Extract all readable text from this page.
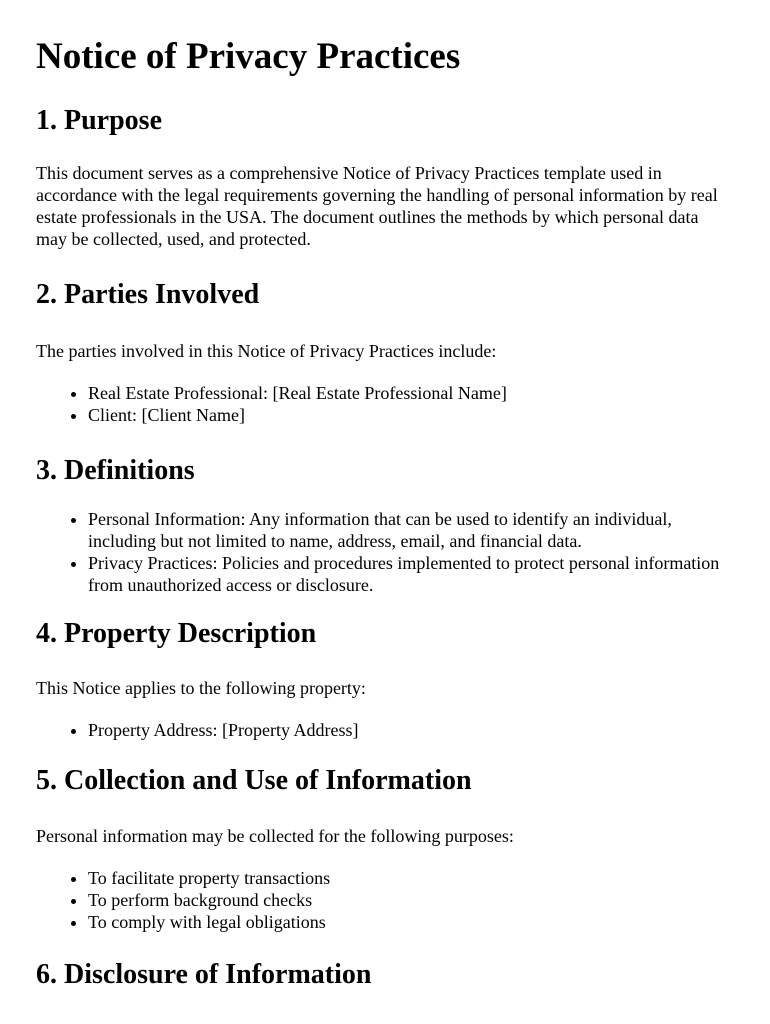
Notice of Privacy Practices
1. Purpose

This document serves as a comprehensive Notice of Privacy Practices template used in accordance with the legal requirements governing the handling of personal information by real estate professionals in the USA. The document outlines the methods by which personal data may be collected, used, and protected.

2. Parties Involved

The parties involved in this Notice of Privacy Practices include:

• Real Estate Professional: [Real Estate Professional Name]
• Client: [Client Name]
3. Definitions
• Personal Information: Any information that can be used to identify an individual, including but not limited to name, address, email, and financial data.
• Privacy Practices: Policies and procedures implemented to protect personal information from unauthorized access or disclosure.
4. Property Description

This Notice applies to the following property:

• Property Address: [Property Address]
5. Collection and Use of Information

Personal information may be collected for the following purposes:

• To facilitate property transactions
• To perform background checks
• To comply with legal obligations
6. Disclosure of Information
